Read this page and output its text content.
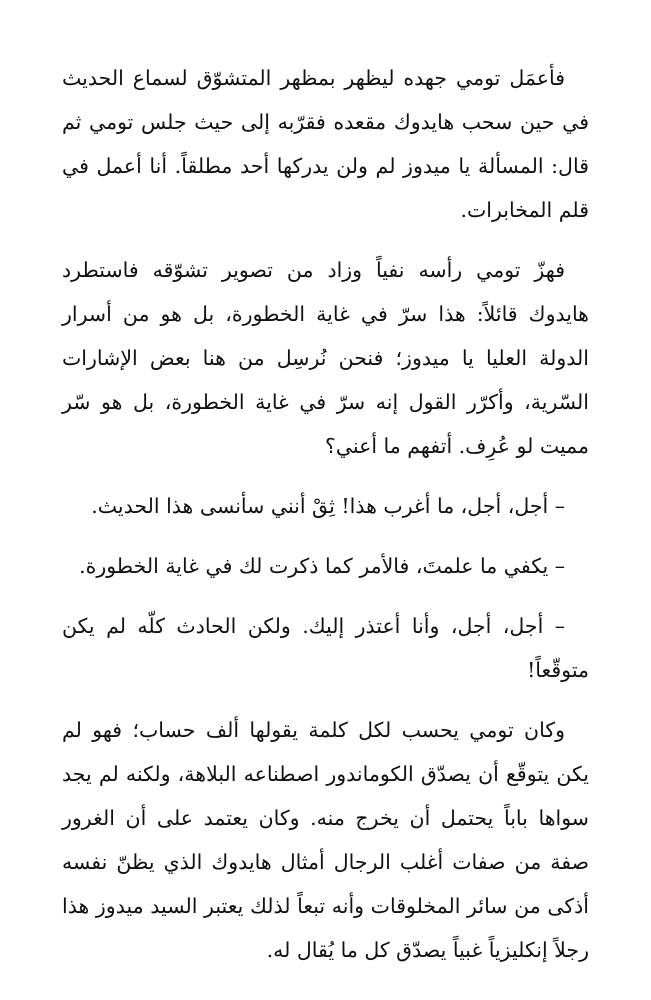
فأعمَل تومي جهده ليظهر بمظهر المتشوّق لسماع الحديث في حين سحب هايدوك مقعده فقرّبه إلى حيث جلس تومي ثم قال: المسألة يا ميدوز لم ولن يدركها أحد مطلقاً. أنا أعمل في قلم المخابرات.

فهزّ تومي رأسه نفياً وزاد من تصوير تشوّقه فاستطرد هايدوك قائلاً: هذا سرّ في غاية الخطورة، بل هو من أسرار الدولة العليا يا ميدوز؛ فنحن نُرسِل من هنا بعض الإشارات السّرية، وأكرّر القول إنه سرّ في غاية الخطورة، بل هو سّر مميت لو عُرِف. أتفهم ما أعني؟

– أجل، أجل، ما أغرب هذا! ثِقْ أنني سأنسى هذا الحديث.

– يكفي ما علمتَ، فالأمر كما ذكرت لك في غاية الخطورة.

– أجل، أجل، وأنا أعتذر إليك. ولكن الحادث كلّه لم يكن متوقّعاً!

وكان تومي يحسب لكل كلمة يقولها ألف حساب؛ فهو لم يكن يتوقّع أن يصدّق الكوماندور اصطناعه البلاهة، ولكنه لم يجد سواها باباً يحتمل أن يخرج منه. وكان يعتمد على أن الغرور صفة من صفات أغلب الرجال أمثال هايدوك الذي يظنّ نفسه أذكى من سائر المخلوقات وأنه تبعاً لذلك يعتبر السيد ميدوز هذا رجلاً إنكليزياً غبياً يصدّق كل ما يُقال له.
